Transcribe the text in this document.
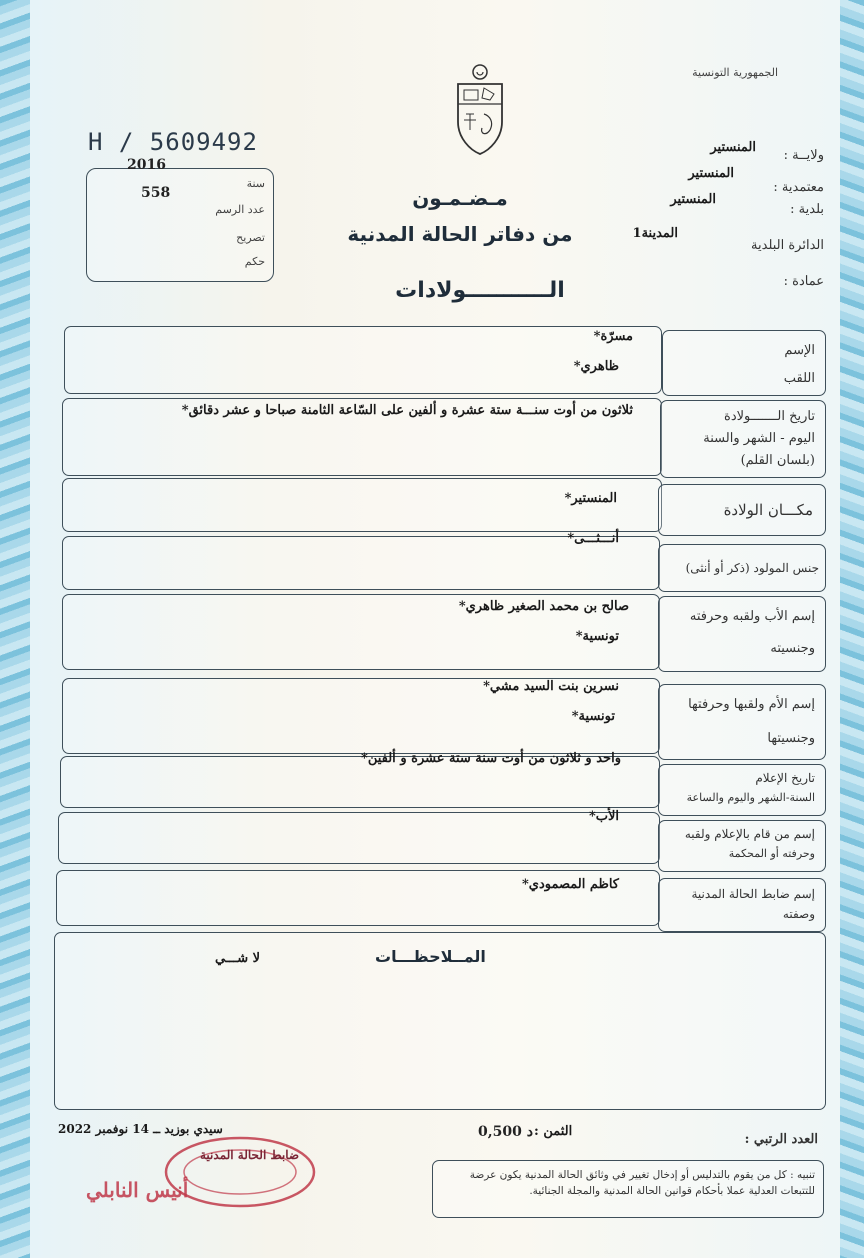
الجمهورية التونسية
H / 5609492	ولايــة :
المنستير
معتمدية :
المنستير
بلدية :
المنستير
الدائرة البلدية
المدينة1
عمادة :
سنة
2016
عدد الرسم
558
تصريح
حكم
مـضـمـون
من دفاتر الحالة المدنية
الـــــــــــولادات
مسرّة*
ظاهري*
الإسم
اللقب
ثلاثون من أوت سنـــة ستة عشرة و ألفين على السّاعة الثامنة صباحا و عشر دقائق*	تاريخ الـــــــولادة
اليوم - الشهر والسنة
(بلسان القلم)
المنستير*
مكـــان الولادة
أنـــثـــى*
جنس المولود (ذكر أو أنثى)
صالح بن محمد الصغير ظاهري*
تونسية*
إسم الأب ولقبه وحرفته
وجنسيته
نسرين بنت السيد مشي*
تونسية*
إسم الأم ولقبها وحرفتها
وجنسيتها
واحد و ثلاثون من أوت سنة ستة عشرة و ألفين*
تاريخ الإعلام
السنة-الشهر واليوم والساعة
الأب*
إسم من قام بالإعلام ولقبه
وحرفته أو المحكمة
كاظم المصمودي*
إسم ضابط الحالة المدنية
وصفته
المــلاحظـــات
لا شـــي
العدد الرتبي :
الثمن :
0,500 د
سيدي بوزيد ــ 14 نوفمبر 2022
ضابط الحالة المدنية
أنيس النابلي
تنبيه : كل من يقوم بالتدليس أو إدخال تغيير في وثائق الحالة المدنية يكون عرضة للتتبعات العدلية عملا بأحكام قوانين الحالة المدنية والمجلة الجنائية.
